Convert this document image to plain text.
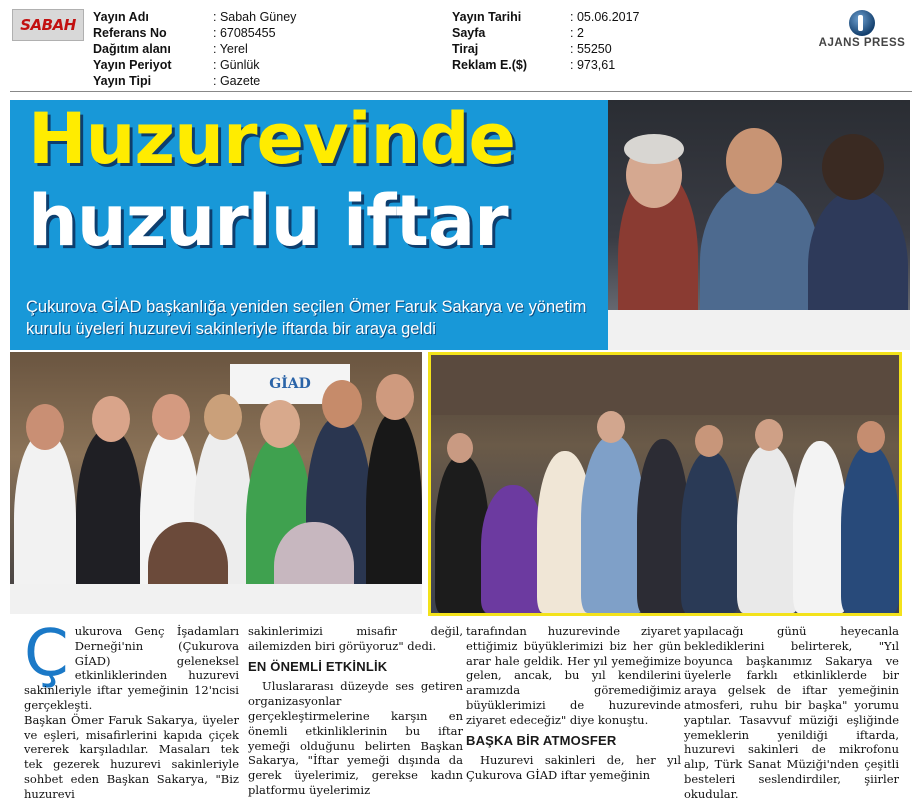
SABAH	Yayın Adı	: Sabah Güney
Referans No	: 67085455
Dağıtım alanı	: Yerel
Yayın Periyot	: Günlük
Yayın Tipi	: Gazete
Yayın Tarihi	: 05.06.2017
Sayfa	: 2
Tiraj	: 55250
Reklam E.($)	: 973,61
AJANS PRESS
Huzurevinde
huzurlu iftar
Çukurova GİAD başkanlığa yeniden seçilen Ömer Faruk Sakarya ve yönetim kurulu üyeleri huzurevi sakinleriyle iftarda bir araya geldi
GİAD
Ç ukurova Genç İşadamları Derneği'nin (Çukurova GİAD) geleneksel etkinliklerinden huzurevi sakinleriyle iftar yemeğinin 12'ncisi gerçekleşti.

Başkan Ömer Faruk Sakarya, üyeler ve eşleri, misafirlerini kapıda çiçek vererek karşıladılar. Masaları tek tek gezerek huzurevi sakinleriyle sohbet eden Başkan Sakarya, "Biz huzurevi

sakinlerimizi misafir değil, ailemizden biri görüyoruz" dedi.

EN ÖNEMLİ ETKİNLİK

Uluslararası düzeyde ses getiren organizasyonlar gerçekleştirmelerine karşın en önemli etkinliklerinin bu iftar yemeği olduğunu belirten Başkan Sakarya, "İftar yemeği dışında da gerek üyelerimiz, gerekse kadın platformu üyelerimiz

tarafından huzurevinde ziyaret ettiğimiz büyüklerimizi biz her gün arar hale geldik. Her yıl yemeğimize gelen, ancak, bu yıl kendilerini aramızda göremediğimiz büyüklerimizi de huzurevinde ziyaret edeceğiz" diye konuştu.

BAŞKA BİR ATMOSFER

Huzurevi sakinleri de, her yıl Çukurova GİAD iftar yemeğinin

yapılacağı günü heyecanla beklediklerini belirterek, "Yıl boyunca başkanımız Sakarya ve üyelerle farklı etkinliklerde bir araya gelsek de iftar yemeğinin atmosferi, ruhu bir başka" yorumu yaptılar. Tasavvuf müziği eşliğinde yemeklerin yenildiği iftarda, huzurevi sakinleri de mikrofonu alıp, Türk Sanat Müziği'nden çeşitli besteleri seslendirdiler, şiirler okudular.
